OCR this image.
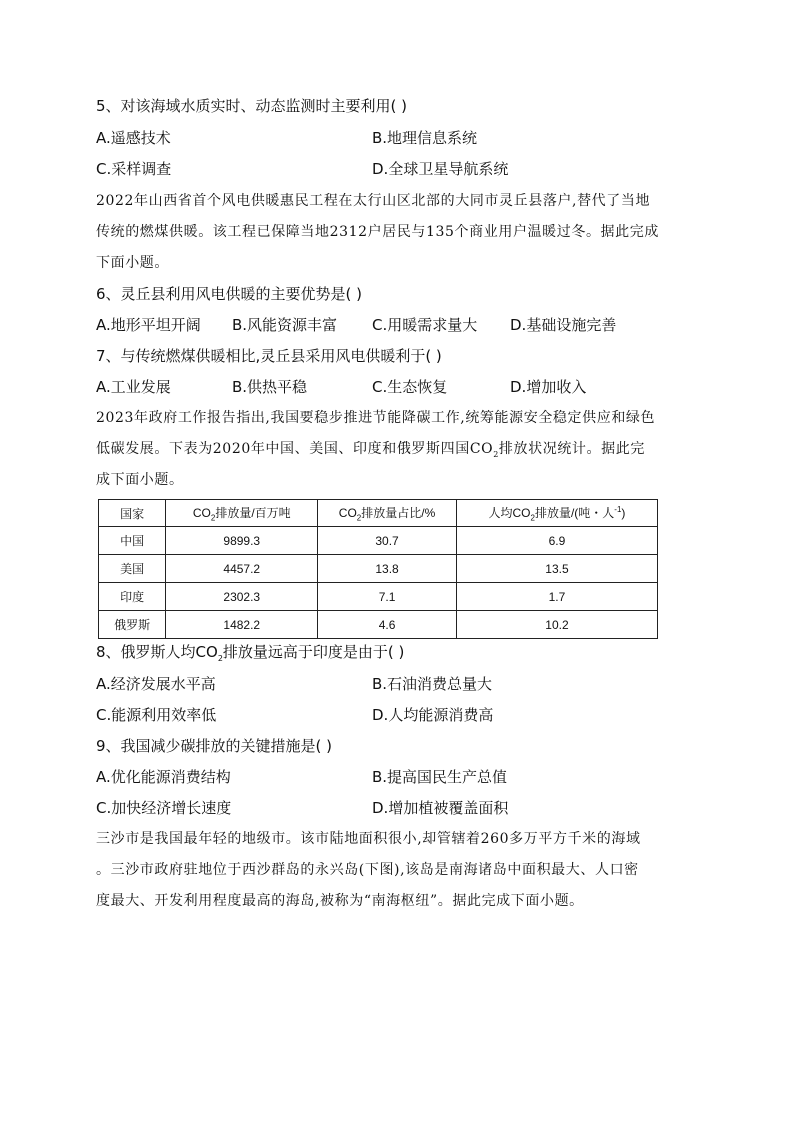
5、对该海域水质实时、动态监测时主要利用( )
A.遥感技术	B.地理信息系统
C.采样调查	D.全球卫星导航系统
2022年山西省首个风电供暖惠民工程在太行山区北部的大同市灵丘县落户,替代了当地
传统的燃煤供暖。该工程已保障当地2312户居民与135个商业用户温暖过冬。据此完成
下面小题。
6、灵丘县利用风电供暖的主要优势是( )
A.地形平坦开阔 B.风能资源丰富 C.用暖需求量大 D.基础设施完善
7、与传统燃煤供暖相比,灵丘县采用风电供暖利于( )
A.工业发展	B.供热平稳	C.生态恢复	D.增加收入
2023年政府工作报告指出,我国要稳步推进节能降碳工作,统筹能源安全稳定供应和绿色
低碳发展。下表为2020年中国、美国、印度和俄罗斯四国$CO_2$排放状况统计。据此完
成下面小题。
国家	$CO_2$排放量/百万吨	$CO_2$排放量占比/%	人均$CO_2$排放量/(吨・人$^{-1}$)
中国	9899.3	30.7	6.9
美国	4457.2	13.8	13.5
印度	2302.3	7.1	1.7
俄罗斯	1482.2	4.6	10.2
8、俄罗斯人均$CO_2$排放量远高于印度是由于( )
A.经济发展水平高	B.石油消费总量大
C.能源利用效率低	D.人均能源消费高
9、我国减少碳排放的关键措施是( )
A.优化能源消费结构	B.提高国民生产总值
C.加快经济增长速度	D.增加植被覆盖面积
三沙市是我国最年轻的地级市。该市陆地面积很小,却管辖着260多万平方千米的海域
。三沙市政府驻地位于西沙群岛的永兴岛(下图),该岛是南海诸岛中面积最大、人口密
度最大、开发利用程度最高的海岛,被称为“南海枢纽”。据此完成下面小题。
